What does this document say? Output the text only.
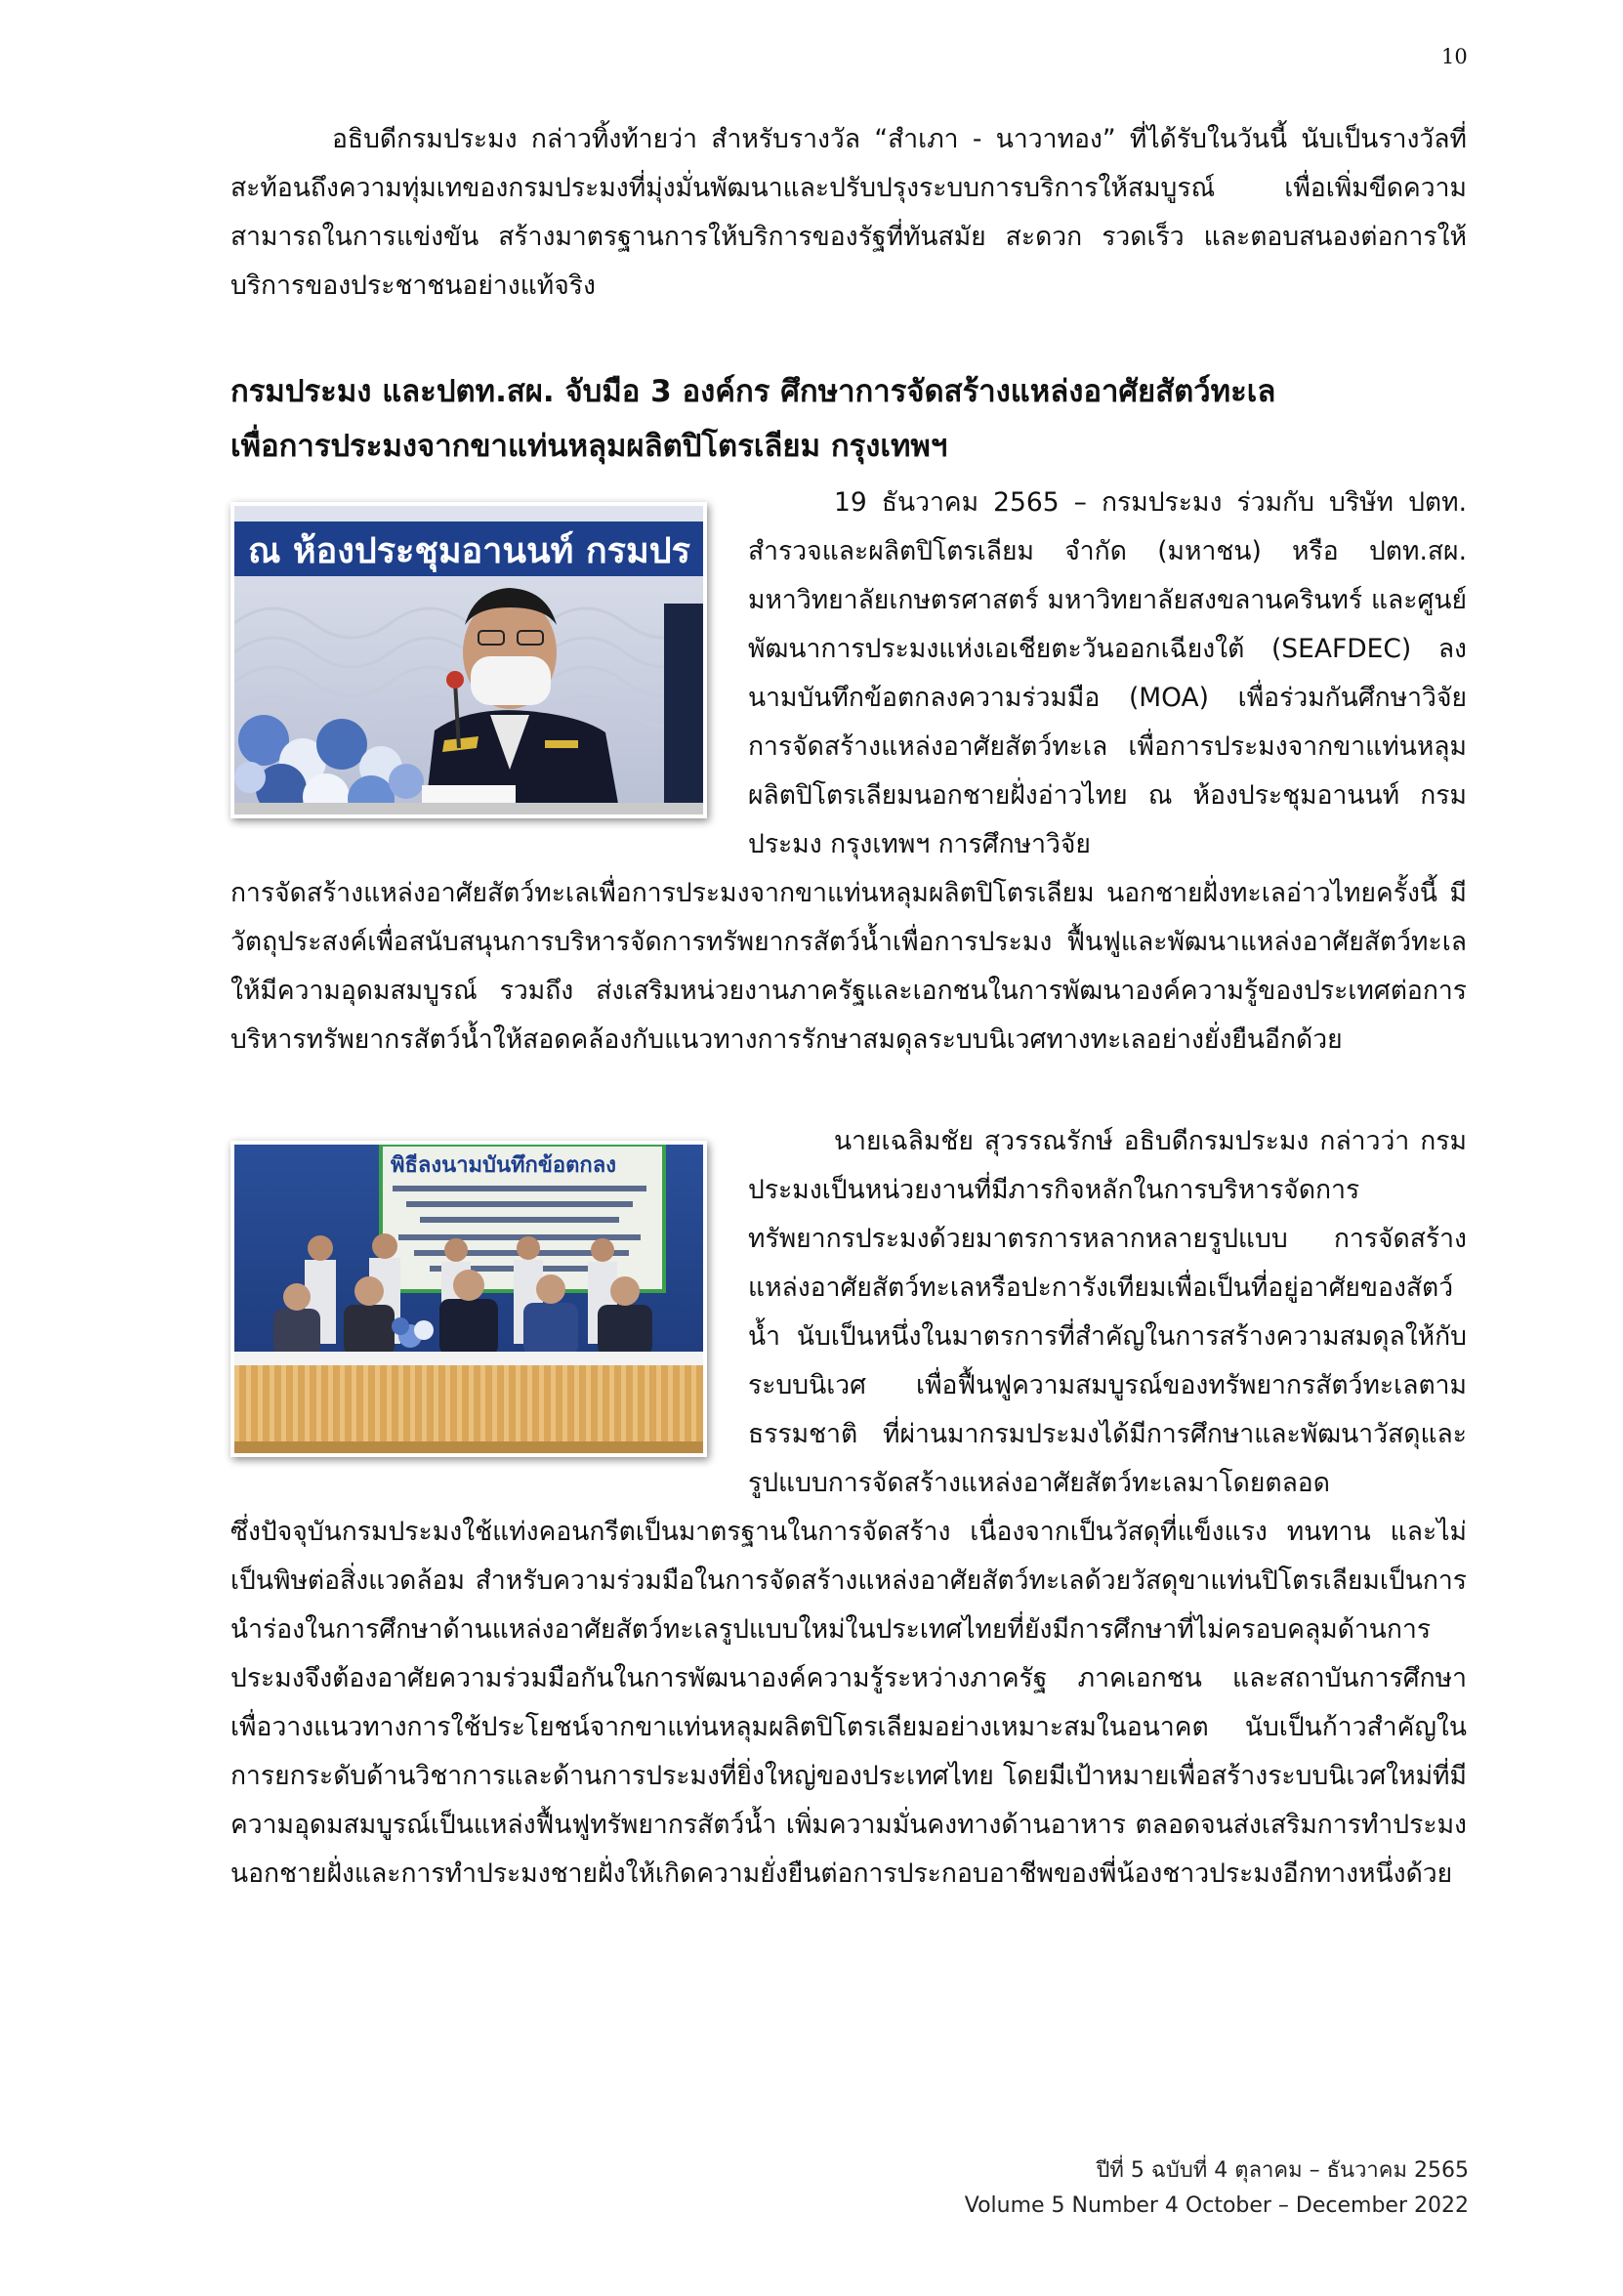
10

อธิบดีกรมประมง กล่าวทิ้งท้ายว่า สำหรับรางวัล “สำเภา - นาวาทอง” ที่ได้รับในวันนี้ นับเป็นรางวัลที่สะท้อนถึงความทุ่มเทของกรมประมงที่มุ่งมั่นพัฒนาและปรับปรุงระบบการบริการให้สมบูรณ์ เพื่อเพิ่มขีดความสามารถในการแข่งขัน สร้างมาตรฐานการให้บริการของรัฐที่ทันสมัย สะดวก รวดเร็ว และตอบสนองต่อการให้บริการของประชาชนอย่างแท้จริง

กรมประมง และปตท.สผ. จับมือ 3 องค์กร ศึกษาการจัดสร้างแหล่งอาศัยสัตว์ทะเล
เพื่อการประมงจากขาแท่นหลุมผลิตปิโตรเลียม กรุงเทพฯ
ณ ห้องประชุมอานนท์ กรมปร

19 ธันวาคม 2565 – กรมประมง ร่วมกับ บริษัท ปตท. สำรวจและผลิตปิโตรเลียม จำกัด (มหาชน) หรือ ปตท.สผ. มหาวิทยาลัยเกษตรศาสตร์ มหาวิทยาลัยสงขลานครินทร์ และศูนย์พัฒนาการประมงแห่งเอเชียตะวันออกเฉียงใต้ (SEAFDEC) ลงนามบันทึกข้อตกลงความร่วมมือ (MOA) เพื่อร่วมกันศึกษาวิจัยการจัดสร้างแหล่งอาศัยสัตว์ทะเล เพื่อการประมงจากขาแท่นหลุมผลิตปิโตรเลียมนอกชายฝั่งอ่าวไทย ณ ห้องประชุมอานนท์ กรมประมง กรุงเทพฯ การศึกษาวิจัย

การจัดสร้างแหล่งอาศัยสัตว์ทะเลเพื่อการประมงจากขาแท่นหลุมผลิตปิโตรเลียม นอกชายฝั่งทะเลอ่าวไทยครั้งนี้ มีวัตถุประสงค์เพื่อสนับสนุนการบริหารจัดการทรัพยากรสัตว์น้ำเพื่อการประมง ฟื้นฟูและพัฒนาแหล่งอาศัยสัตว์ทะเลให้มีความอุดมสมบูรณ์ รวมถึง ส่งเสริมหน่วยงานภาครัฐและเอกชนในการพัฒนาองค์ความรู้ของประเทศต่อการบริหารทรัพยากรสัตว์น้ำให้สอดคล้องกับแนวทางการรักษาสมดุลระบบนิเวศทางทะเลอย่างยั่งยืนอีกด้วย

พิธีลงนามบันทึกข้อตกลง

นายเฉลิมชัย สุวรรณรักษ์ อธิบดีกรมประมง กล่าวว่า กรมประมงเป็นหน่วยงานที่มีภารกิจหลักในการบริหารจัดการทรัพยากรประมงด้วยมาตรการหลากหลายรูปแบบ การจัดสร้างแหล่งอาศัยสัตว์ทะเลหรือปะการังเทียมเพื่อเป็นที่อยู่อาศัยของสัตว์น้ำ นับเป็นหนึ่งในมาตรการที่สำคัญในการสร้างความสมดุลให้กับระบบนิเวศ เพื่อฟื้นฟูความสมบูรณ์ของทรัพยากรสัตว์ทะเลตามธรรมชาติ ที่ผ่านมากรมประมงได้มีการศึกษาและพัฒนาวัสดุและรูปแบบการจัดสร้างแหล่งอาศัยสัตว์ทะเลมาโดยตลอด

ซึ่งปัจจุบันกรมประมงใช้แท่งคอนกรีตเป็นมาตรฐานในการจัดสร้าง เนื่องจากเป็นวัสดุที่แข็งแรง ทนทาน และไม่เป็นพิษต่อสิ่งแวดล้อม สำหรับความร่วมมือในการจัดสร้างแหล่งอาศัยสัตว์ทะเลด้วยวัสดุขาแท่นปิโตรเลียมเป็นการนำร่องในการศึกษาด้านแหล่งอาศัยสัตว์ทะเลรูปแบบใหม่ในประเทศไทยที่ยังมีการศึกษาที่ไม่ครอบคลุมด้านการประมงจึงต้องอาศัยความร่วมมือกันในการพัฒนาองค์ความรู้ระหว่างภาครัฐ ภาคเอกชน และสถาบันการศึกษา เพื่อวางแนวทางการใช้ประโยชน์จากขาแท่นหลุมผลิตปิโตรเลียมอย่างเหมาะสมในอนาคต นับเป็นก้าวสำคัญในการยกระดับด้านวิชาการและด้านการประมงที่ยิ่งใหญ่ของประเทศไทย โดยมีเป้าหมายเพื่อสร้างระบบนิเวศใหม่ที่มีความอุดมสมบูรณ์เป็นแหล่งฟื้นฟูทรัพยากรสัตว์น้ำ เพิ่มความมั่นคงทางด้านอาหาร ตลอดจนส่งเสริมการทำประมงนอกชายฝั่งและการทำประมงชายฝั่งให้เกิดความยั่งยืนต่อการประกอบอาชีพของพี่น้องชาวประมงอีกทางหนึ่งด้วย

ปีที่ 5 ฉบับที่ 4 ตุลาคม – ธันวาคม 2565

Volume 5 Number 4 October – December 2022
